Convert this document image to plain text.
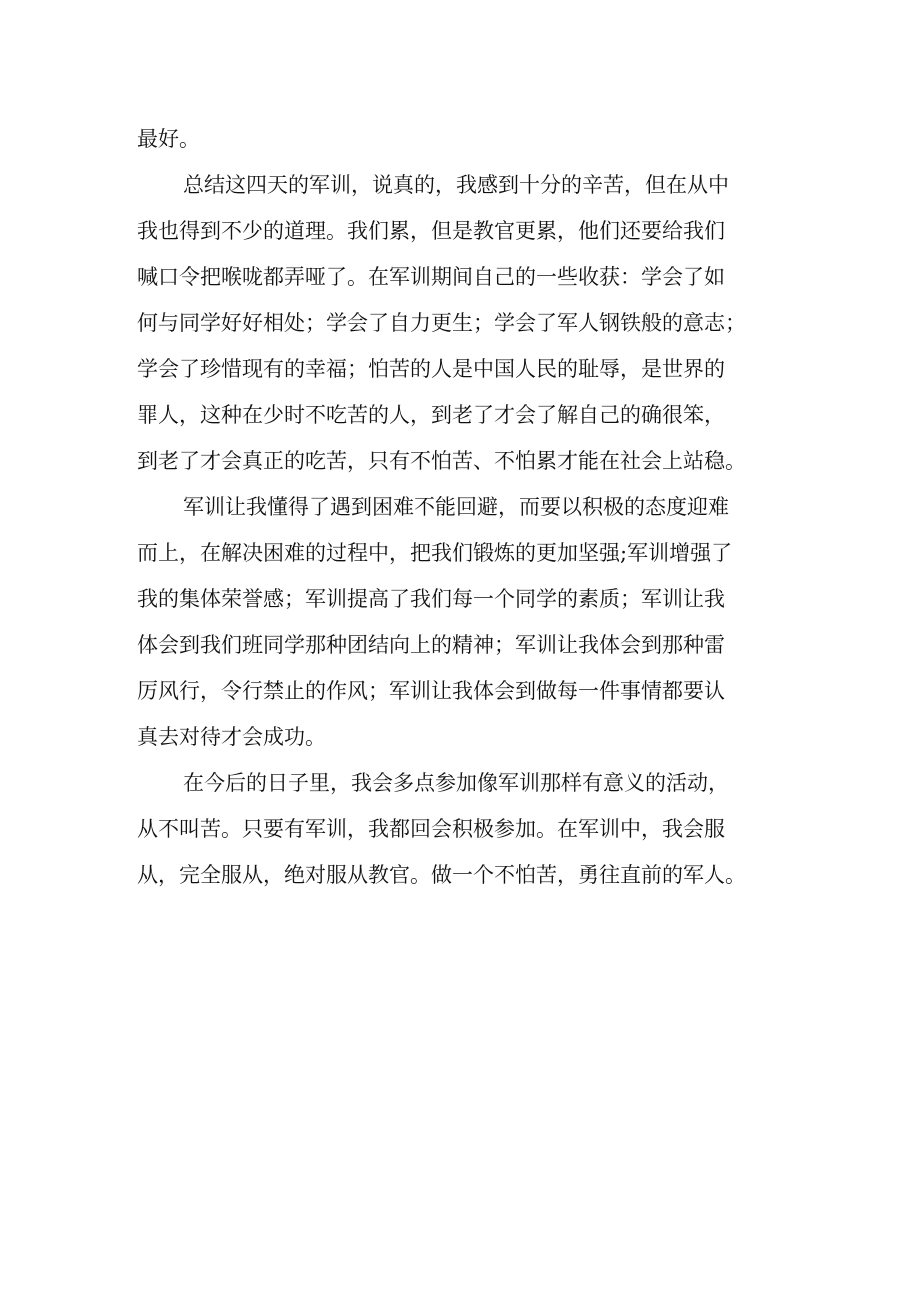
最好。
总结这四天的军训，说真的，我感到十分的辛苦，但在从中
我也得到不少的道理。我们累，但是教官更累，他们还要给我们
喊口令把喉咙都弄哑了。在军训期间自己的一些收获：学会了如
何与同学好好相处；学会了自力更生；学会了军人钢铁般的意志；
学会了珍惜现有的幸福；怕苦的人是中国人民的耻辱，是世界的
罪人，这种在少时不吃苦的人，到老了才会了解自己的确很笨，
到老了才会真正的吃苦，只有不怕苦、不怕累才能在社会上站稳。
军训让我懂得了遇到困难不能回避，而要以积极的态度迎难
而上，在解决困难的过程中，把我们锻炼的更加坚强;军训增强了
我的集体荣誉感；军训提高了我们每一个同学的素质；军训让我
体会到我们班同学那种团结向上的精神；军训让我体会到那种雷
厉风行，令行禁止的作风；军训让我体会到做每一件事情都要认
真去对待才会成功。
在今后的日子里，我会多点参加像军训那样有意义的活动，
从不叫苦。只要有军训，我都回会积极参加。在军训中，我会服
从，完全服从，绝对服从教官。做一个不怕苦，勇往直前的军人。
